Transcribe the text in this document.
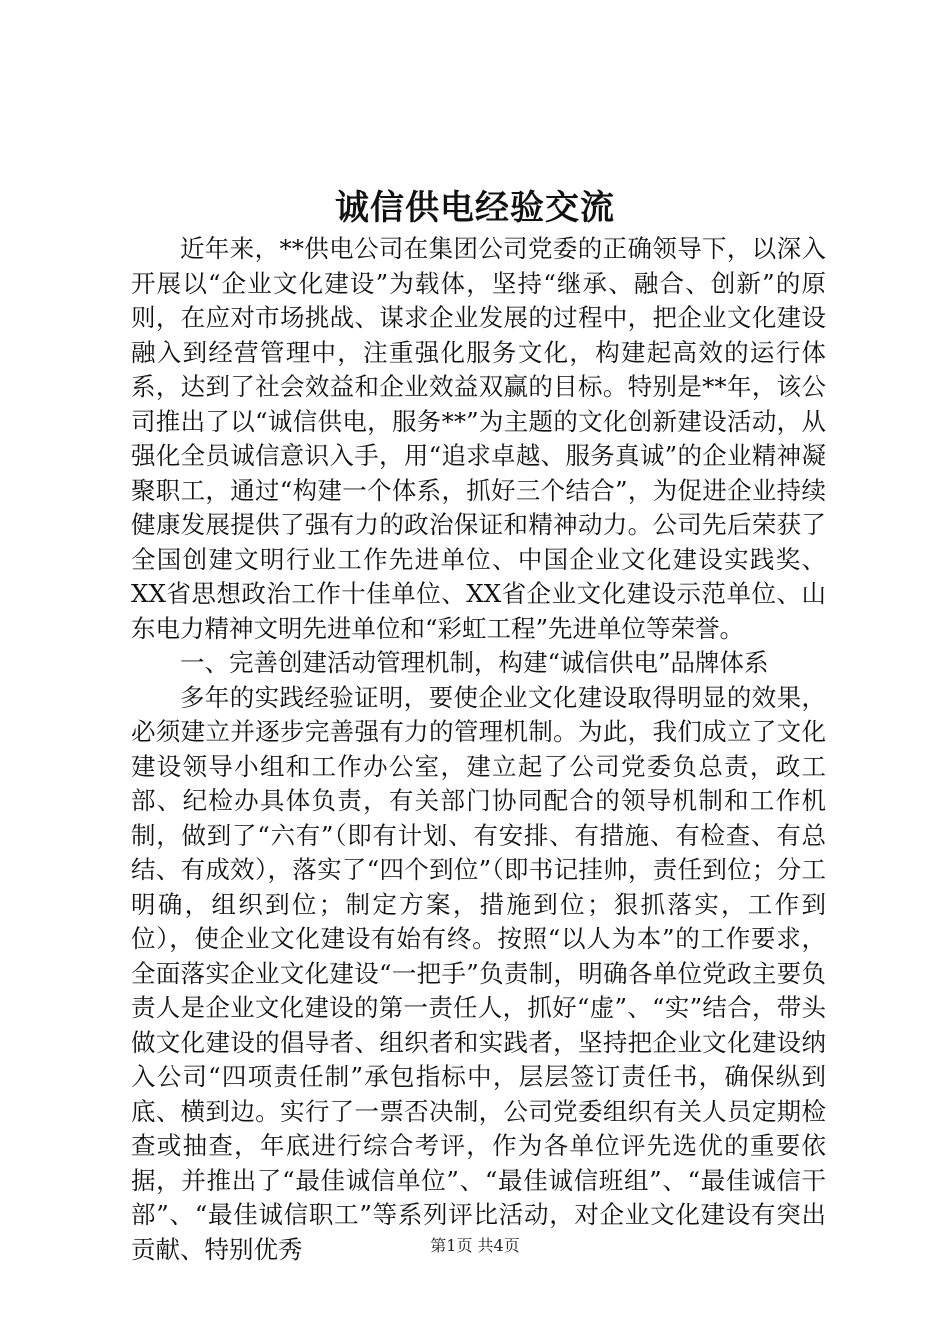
诚信供电经验交流

近年来，**供电公司在集团公司党委的正确领导下，以深入开展以“企业文化建设”为载体，坚持“继承、融合、创新”的原则，在应对市场挑战、谋求企业发展的过程中，把企业文化建设融入到经营管理中，注重强化服务文化，构建起高效的运行体系，达到了社会效益和企业效益双赢的目标。特别是**年，该公司推出了以“诚信供电，服务**”为主题的文化创新建设活动，从强化全员诚信意识入手，用“追求卓越、服务真诚”的企业精神凝聚职工，通过“构建一个体系，抓好三个结合”，为促进企业持续健康发展提供了强有力的政治保证和精神动力。公司先后荣获了全国创建文明行业工作先进单位、中国企业文化建设实践奖、XX省思想政治工作十佳单位、XX省企业文化建设示范单位、山东电力精神文明先进单位和“彩虹工程”先进单位等荣誉。

一、完善创建活动管理机制，构建“诚信供电”品牌体系

多年的实践经验证明，要使企业文化建设取得明显的效果，必须建立并逐步完善强有力的管理机制。为此，我们成立了文化建设领导小组和工作办公室，建立起了公司党委负总责，政工部、纪检办具体负责，有关部门协同配合的领导机制和工作机制，做到了“六有”（即有计划、有安排、有措施、有检查、有总结、有成效），落实了“四个到位”（即书记挂帅，责任到位；分工明确，组织到位；制定方案，措施到位；狠抓落实，工作到位），使企业文化建设有始有终。按照“以人为本”的工作要求，全面落实企业文化建设“一把手”负责制，明确各单位党政主要负责人是企业文化建设的第一责任人，抓好“虚”、“实”结合，带头做文化建设的倡导者、组织者和实践者，坚持把企业文化建设纳入公司“四项责任制”承包指标中，层层签订责任书，确保纵到底、横到边。实行了一票否决制，公司党委组织有关人员定期检查或抽查，年底进行综合考评，作为各单位评先选优的重要依据，并推出了“最佳诚信单位”、“最佳诚信班组”、“最佳诚信干部”、“最佳诚信职工”等系列评比活动，对企业文化建设有突出贡献、特别优秀	第1页 共4页
